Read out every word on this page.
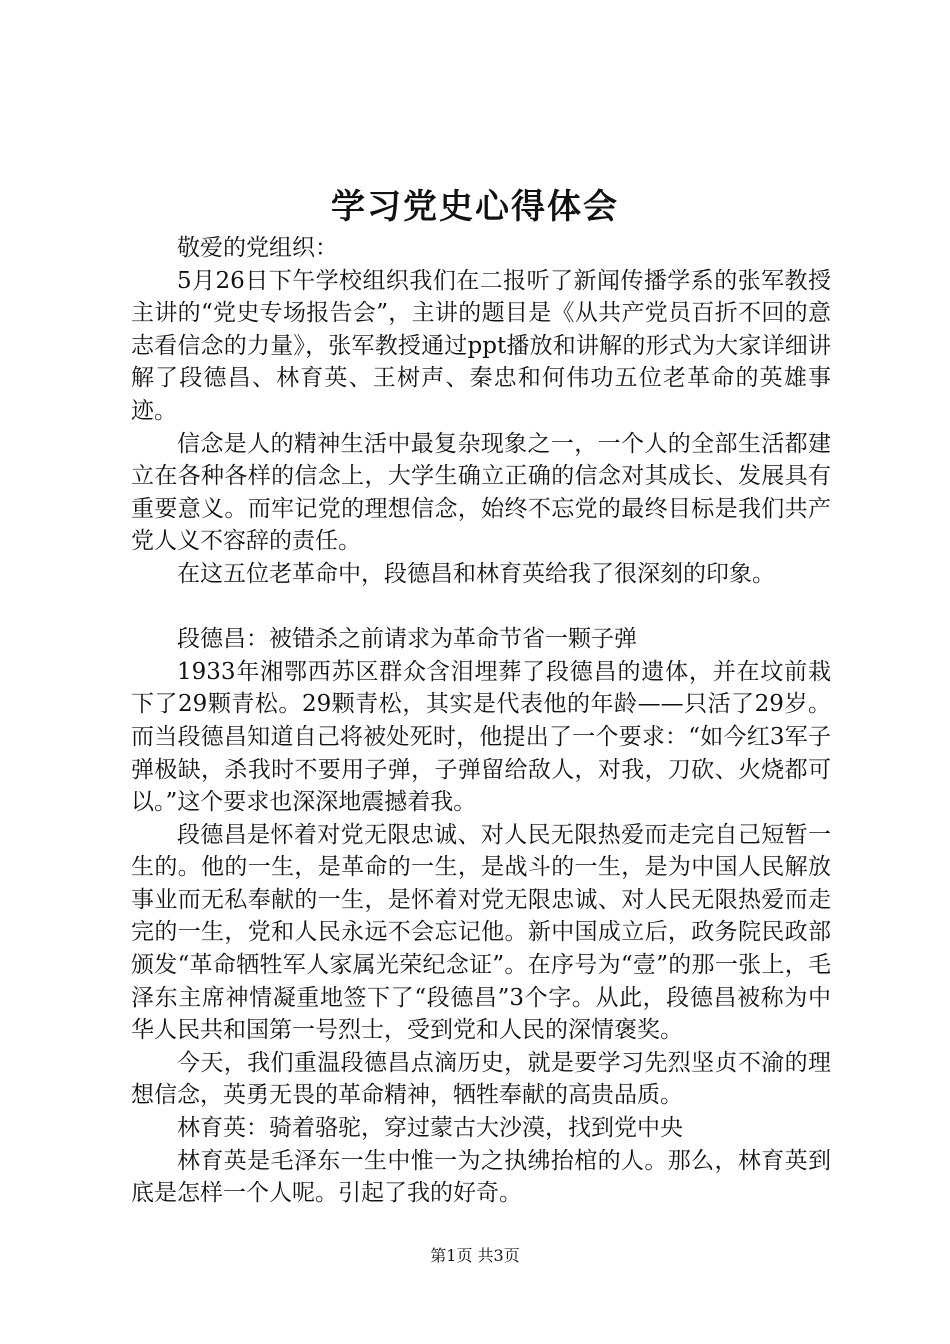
学习党史心得体会

敬爱的党组织：

5月26日下午学校组织我们在二报听了新闻传播学系的张军教授主讲的“党史专场报告会”，主讲的题目是《从共产党员百折不回的意志看信念的力量》，张军教授通过ppt播放和讲解的形式为大家详细讲解了段德昌、林育英、王树声、秦忠和何伟功五位老革命的英雄事迹。

信念是人的精神生活中最复杂现象之一，一个人的全部生活都建立在各种各样的信念上，大学生确立正确的信念对其成长、发展具有重要意义。而牢记党的理想信念，始终不忘党的最终目标是我们共产党人义不容辞的责任。

在这五位老革命中，段德昌和林育英给我了很深刻的印象。

段德昌：被错杀之前请求为革命节省一颗子弹

1933年湘鄂西苏区群众含泪埋葬了段德昌的遗体，并在坟前栽下了29颗青松。29颗青松，其实是代表他的年龄——只活了29岁。而当段德昌知道自己将被处死时，他提出了一个要求：“如今红3军子弹极缺，杀我时不要用子弹，子弹留给敌人，对我，刀砍、火烧都可以。”这个要求也深深地震撼着我。

段德昌是怀着对党无限忠诚、对人民无限热爱而走完自己短暂一生的。他的一生，是革命的一生，是战斗的一生，是为中国人民解放事业而无私奉献的一生，是怀着对党无限忠诚、对人民无限热爱而走完的一生，党和人民永远不会忘记他。新中国成立后，政务院民政部颁发“革命牺牲军人家属光荣纪念证”。在序号为“壹”的那一张上，毛泽东主席神情凝重地签下了“段德昌”3个字。从此，段德昌被称为中华人民共和国第一号烈士，受到党和人民的深情褒奖。

今天，我们重温段德昌点滴历史，就是要学习先烈坚贞不渝的理想信念，英勇无畏的革命精神，牺牲奉献的高贵品质。

林育英：骑着骆驼，穿过蒙古大沙漠，找到党中央

林育英是毛泽东一生中惟一为之执绋抬棺的人。那么，林育英到底是怎样一个人呢。引起了我的好奇。

第1页 共3页
